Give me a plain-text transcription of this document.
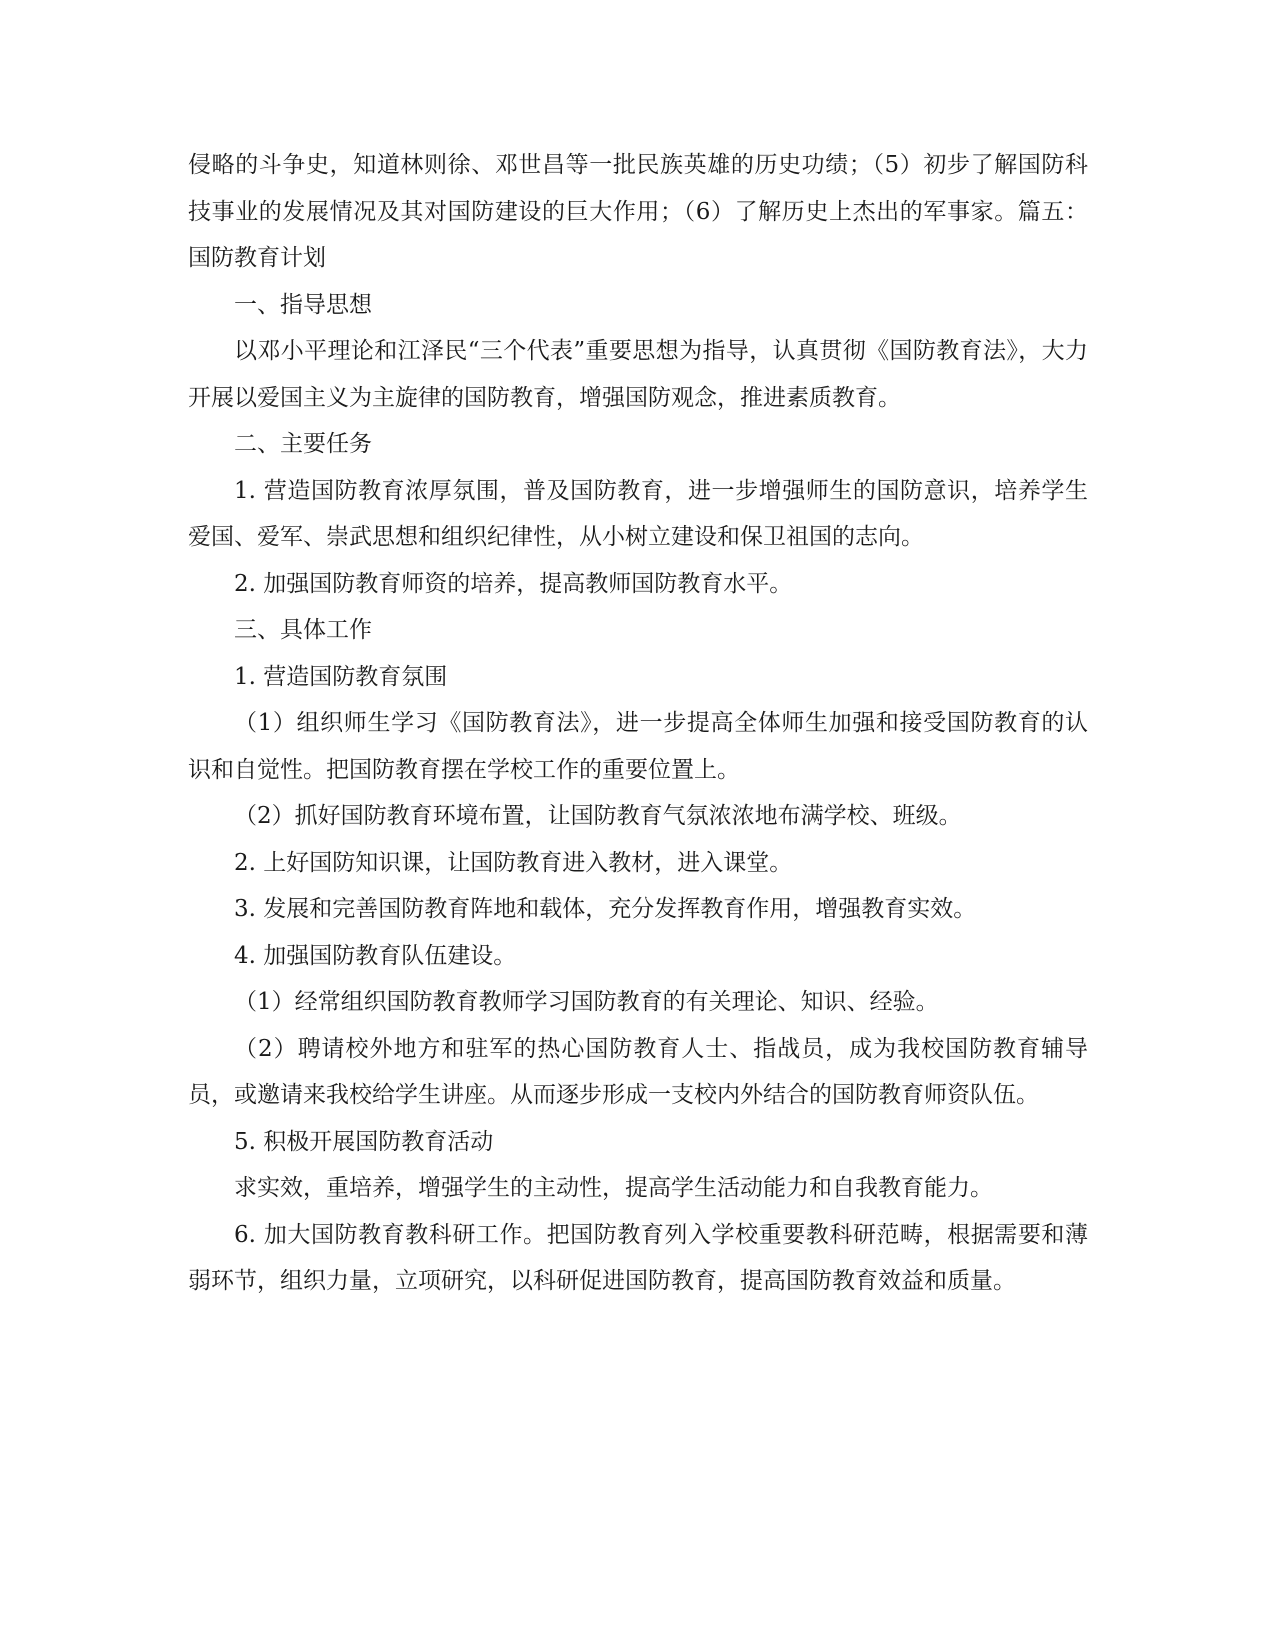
侵略的斗争史，知道林则徐、邓世昌等一批民族英雄的历史功绩；（5）初步了解国防科技事业的发展情况及其对国防建设的巨大作用；（6）了解历史上杰出的军事家。篇五：国防教育计划

一、指导思想

以邓小平理论和江泽民“三个代表”重要思想为指导，认真贯彻《国防教育法》，大力开展以爱国主义为主旋律的国防教育，增强国防观念，推进素质教育。

二、主要任务

1. 营造国防教育浓厚氛围，普及国防教育，进一步增强师生的国防意识，培养学生爱国、爱军、崇武思想和组织纪律性，从小树立建设和保卫祖国的志向。

2. 加强国防教育师资的培养，提高教师国防教育水平。

三、具体工作

1. 营造国防教育氛围

（1）组织师生学习《国防教育法》，进一步提高全体师生加强和接受国防教育的认识和自觉性。把国防教育摆在学校工作的重要位置上。

（2）抓好国防教育环境布置，让国防教育气氛浓浓地布满学校、班级。

2. 上好国防知识课，让国防教育进入教材，进入课堂。

3. 发展和完善国防教育阵地和载体，充分发挥教育作用，增强教育实效。

4. 加强国防教育队伍建设。

（1）经常组织国防教育教师学习国防教育的有关理论、知识、经验。

（2）聘请校外地方和驻军的热心国防教育人士、指战员，成为我校国防教育辅导员，或邀请来我校给学生讲座。从而逐步形成一支校内外结合的国防教育师资队伍。

5. 积极开展国防教育活动

求实效，重培养，增强学生的主动性，提高学生活动能力和自我教育能力。

6. 加大国防教育教科研工作。把国防教育列入学校重要教科研范畴，根据需要和薄弱环节，组织力量，立项研究，以科研促进国防教育，提高国防教育效益和质量。
